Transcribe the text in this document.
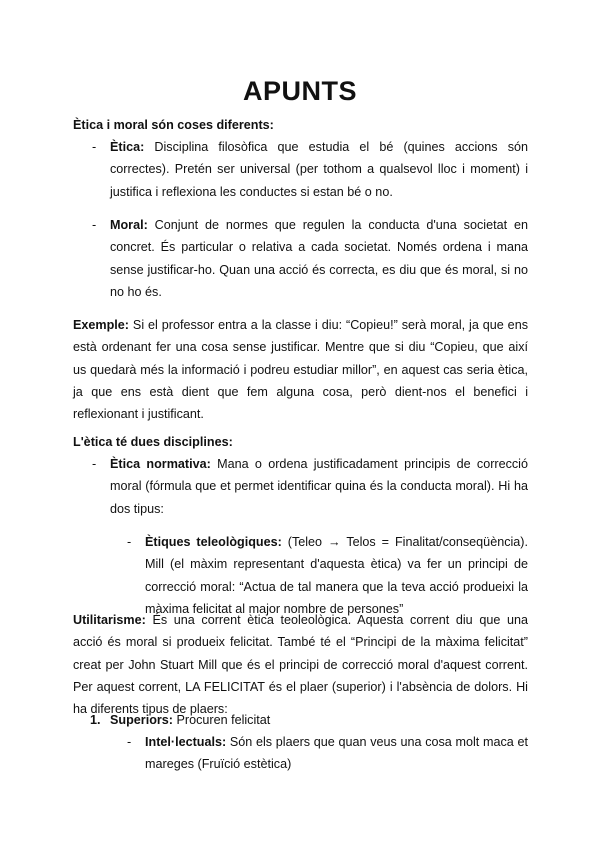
APUNTS
Ètica i moral són coses diferents:
- Ètica: Disciplina filosòfica que estudia el bé (quines accions són correctes). Pretén ser universal (per tothom a qualsevol lloc i moment) i justifica i reflexiona les conductes si estan bé o no.
- Moral: Conjunt de normes que regulen la conducta d'una societat en concret. És particular o relativa a cada societat. Només ordena i mana sense justificar-ho. Quan una acció és correcta, es diu que és moral, si no no ho és.
Exemple: Si el professor entra a la classe i diu: “Copieu!” serà moral, ja que ens està ordenant fer una cosa sense justificar. Mentre que si diu “Copieu, que així us quedarà més la informació i podreu estudiar millor”, en aquest cas seria ètica, ja que ens està dient que fem alguna cosa, però dient-nos el benefici i reflexionant i justificant.
L'ètica té dues disciplines:
- Ètica normativa: Mana o ordena justificadament principis de correcció moral (fórmula que et permet identificar quina és la conducta moral). Hi ha dos tipus:
- Ètiques teleològiques: (Teleo → Telos = Finalitat/conseqüència). Mill (el màxim representant d'aquesta ètica) va fer un principi de correcció moral: “Actua de tal manera que la teva acció produeixi la màxima felicitat al major nombre de persones”
Utilitarisme: És una corrent ètica teoleològica. Aquesta corrent diu que una acció és moral si produeix felicitat. També té el “Principi de la màxima felicitat” creat per John Stuart Mill que és el principi de correcció moral d'aquest corrent. Per aquest corrent, LA FELICITAT és el plaer (superior) i l'absència de dolors. Hi ha diferents tipus de plaers:
1. Superiors: Procuren felicitat
- Intel·lectuals: Són els plaers que quan veus una cosa molt maca et mareges (Fruïció estètica)
